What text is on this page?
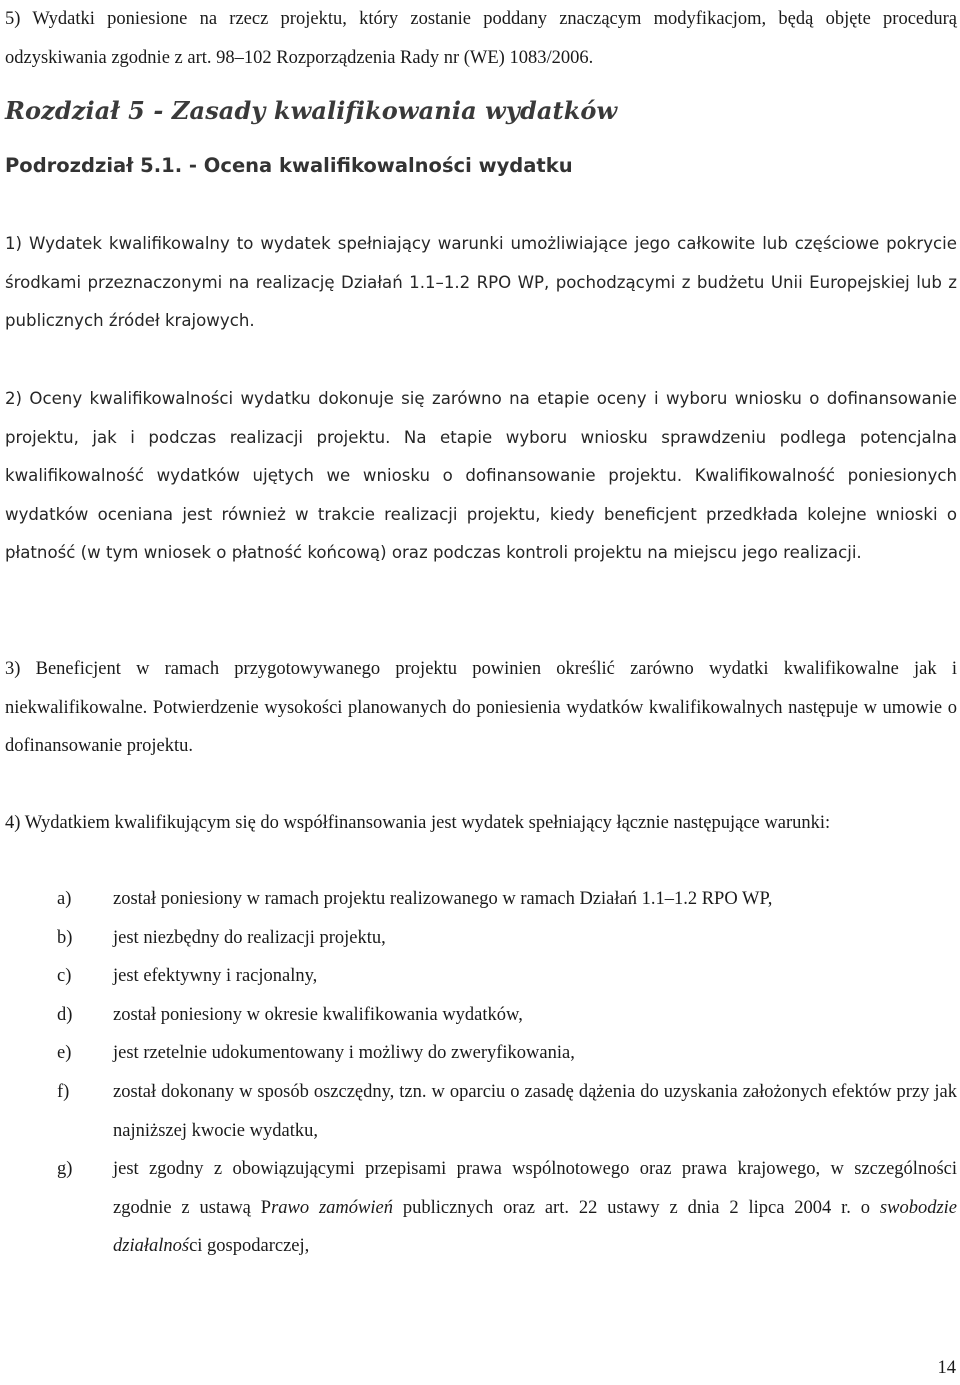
5) Wydatki poniesione na rzecz projektu, który zostanie poddany znaczącym modyfikacjom, będą objęte procedurą odzyskiwania zgodnie z art. 98–102 Rozporządzenia Rady nr (WE) 1083/2006.

Rozdział 5 - Zasady kwalifikowania wydatków
Podrozdział 5.1. - Ocena kwalifikowalności wydatku

1) Wydatek kwalifikowalny to wydatek spełniający warunki umożliwiające jego całkowite lub częściowe pokrycie środkami przeznaczonymi na realizację Działań 1.1–1.2 RPO WP, pochodzącymi z budżetu Unii Europejskiej lub z publicznych źródeł krajowych.

2) Oceny kwalifikowalności wydatku dokonuje się zarówno na etapie oceny i wyboru wniosku o dofinansowanie projektu, jak i podczas realizacji projektu. Na etapie wyboru wniosku sprawdzeniu podlega potencjalna kwalifikowalność wydatków ujętych we wniosku o dofinansowanie projektu. Kwalifikowalność poniesionych wydatków oceniana jest również w trakcie realizacji projektu, kiedy beneficjent przedkłada kolejne wnioski o płatność (w tym wniosek o płatność końcową) oraz podczas kontroli projektu na miejscu jego realizacji.

3) Beneficjent w ramach przygotowywanego projektu powinien określić zarówno wydatki kwalifikowalne jak i niekwalifikowalne. Potwierdzenie wysokości planowanych do poniesienia wydatków kwalifikowalnych następuje w umowie o dofinansowanie projektu.

4) Wydatkiem kwalifikującym się do współfinansowania jest wydatek spełniający łącznie następujące warunki:

a)	został poniesiony w ramach projektu realizowanego w ramach Działań 1.1–1.2 RPO WP,
b)	jest niezbędny do realizacji projektu,
c)	jest efektywny i racjonalny,
d)	został poniesiony w okresie kwalifikowania wydatków,
e)	jest rzetelnie udokumentowany i możliwy do zweryfikowania,
f)	został dokonany w sposób oszczędny, tzn. w oparciu o zasadę dążenia do uzyskania założonych efektów przy jak najniższej kwocie wydatku,
g)	jest zgodny z obowiązującymi przepisami prawa wspólnotowego oraz prawa krajowego, w szczególności zgodnie z ustawą Prawo zamówień publicznych oraz art. 22 ustawy z dnia 2 lipca 2004 r. o swobodzie działalności gospodarczej,

14
